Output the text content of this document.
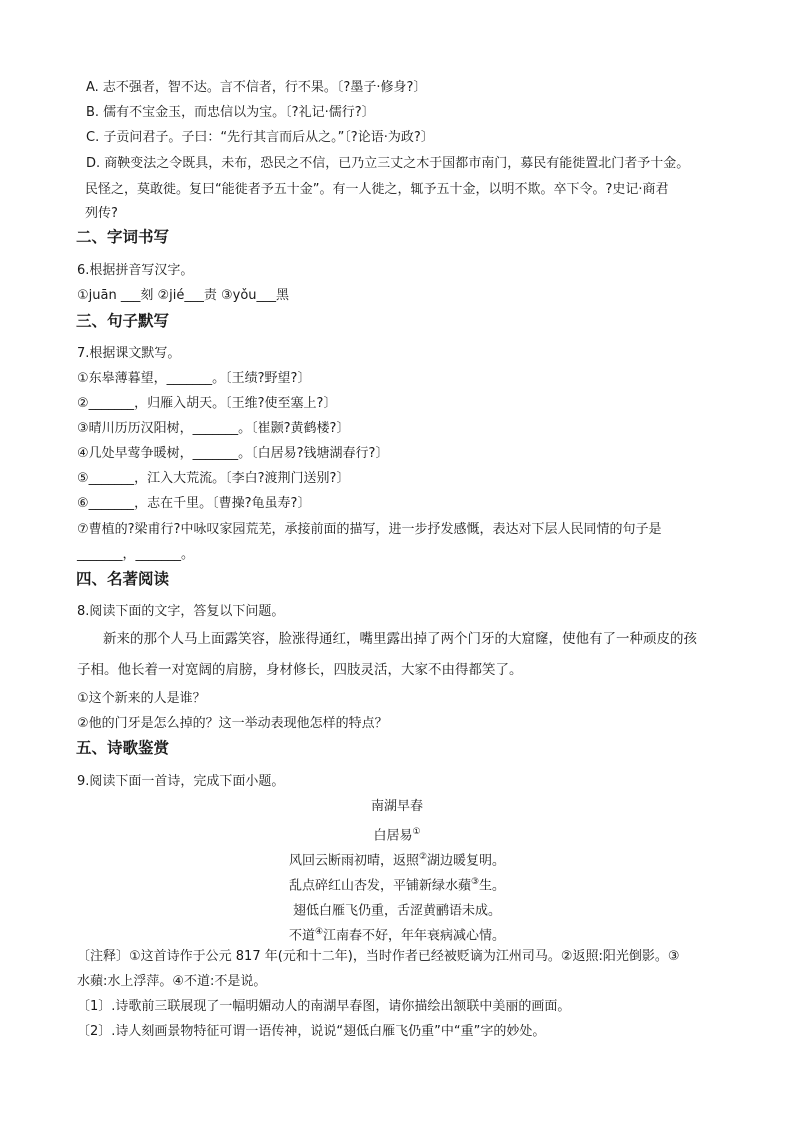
A. 志不强者，智不达。言不信者，行不果。〔?墨子·修身?〕
B. 儒有不宝金玉，而忠信以为宝。〔?礼记·儒行?〕
C. 子贡问君子。子曰：“先行其言而后从之。”〔?论语·为政?〕
D. 商鞅变法之令既具，未布，恐民之不信，已乃立三丈之木于国都市南门，募民有能徙置北门者予十金。
民怪之，莫敢徙。复曰“能徙者予五十金”。有一人徙之，辄予五十金，以明不欺。卒下令。?史记·商君
列传?
二、字词书写
6.根据拼音写汉字。
①juān ___刻 ②jié___责 ③yǒu___黑
三、句子默写
7.根据课文默写。
①东皋薄暮望，_______。〔王绩?野望?〕
②_______，归雁入胡天。〔王维?使至塞上?〕
③晴川历历汉阳树，_______。〔崔颢?黄鹤楼?〕
④几处早莺争暖树，_______。〔白居易?钱塘湖春行?〕
⑤_______，江入大荒流。〔李白?渡荆门送别?〕
⑥_______，志在千里。〔曹操?龟虽寿?〕
⑦曹植的?梁甫行?中咏叹家园荒芜，承接前面的描写，进一步抒发感慨，表达对下层人民同情的句子是
_______，_______。
四、名著阅读
8.阅读下面的文字，答复以下问题。
新来的那个人马上面露笑容，脸涨得通红，嘴里露出掉了两个门牙的大窟窿，使他有了一种顽皮的孩
子相。他长着一对宽阔的肩膀，身材修长，四肢灵活，大家不由得都笑了。
①这个新来的人是谁？
②他的门牙是怎么掉的？这一举动表现他怎样的特点？
五、诗歌鉴赏
9.阅读下面一首诗，完成下面小题。
南湖早春
白居易①
风回云断雨初晴，返照②湖边暖复明。
乱点碎红山杏发，平铺新绿水蘋③生。
翅低白雁飞仍重，舌涩黄鹂语未成。
不道④江南春不好，年年衰病减心情。
〔注释〕①这首诗作于公元 817 年(元和十二年)，当时作者已经被贬谪为江州司马。②返照:阳光倒影。③
水蘋:水上浮萍。④不道:不是说。
〔1〕.诗歌前三联展现了一幅明媚动人的南湖早春图，请你描绘出颔联中美丽的画面。
〔2〕.诗人刻画景物特征可谓一语传神，说说“翅低白雁飞仍重”中“重”字的妙处。
